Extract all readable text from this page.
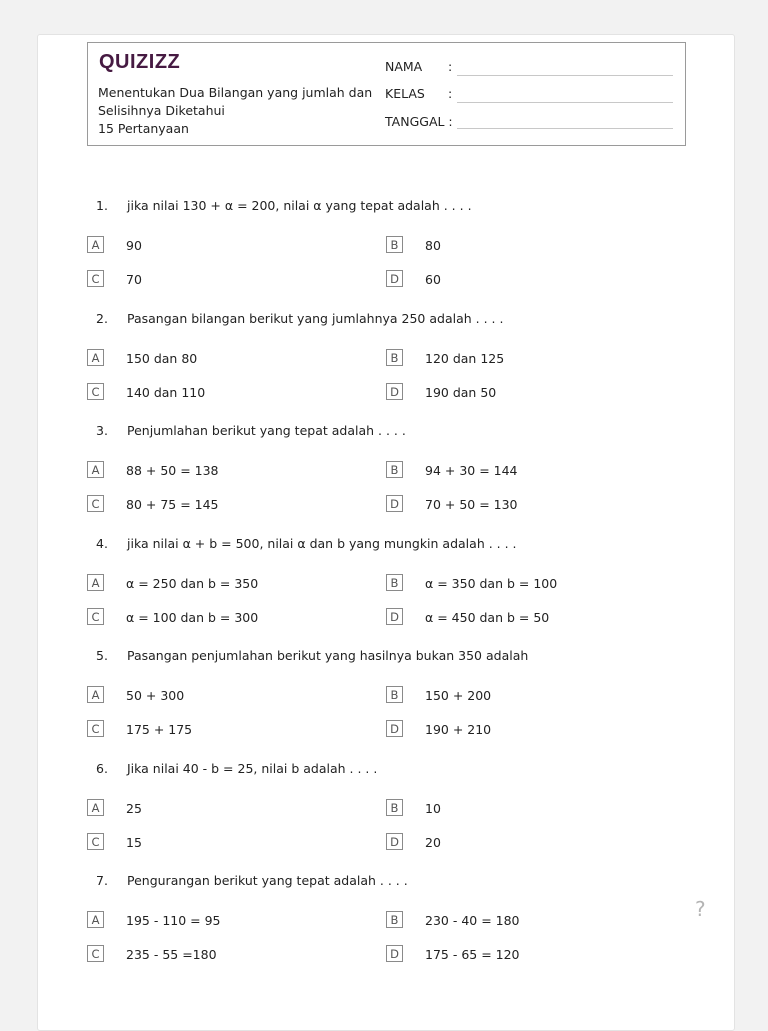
QUIZIZZ
Menentukan Dua Bilangan yang jumlah dan Selisihnya Diketahui
15 Pertanyaan
NAMA :
KELAS :
TANGGAL :
1.	jika nilai 130 + α = 200, nilai α yang tepat adalah . . . .
A	90	B	80
C	70	D	60
2.	Pasangan bilangan berikut yang jumlahnya 250 adalah . . . .
A	150 dan 80	B	120 dan 125
C	140 dan 110	D	190 dan 50
3.	Penjumlahan berikut yang tepat adalah . . . .
A	88 + 50 = 138	B	94 + 30 = 144
C	80 + 75 = 145	D	70 + 50 = 130
4.	jika nilai α + b = 500, nilai α dan b yang mungkin adalah . . . .
A	α = 250 dan b = 350	B	α = 350 dan b = 100
C	α = 100 dan b = 300	D	α = 450 dan b = 50
5.	Pasangan penjumlahan berikut yang hasilnya bukan 350 adalah
A	50 + 300	B	150 + 200
C	175 + 175	D	190 + 210
6.	Jika nilai 40 - b = 25, nilai b adalah . . . .
A	25	B	10
C	15	D	20
7.	Pengurangan berikut yang tepat adalah . . . .
A	195 - 110 = 95	B	230 - 40 = 180
C	235 - 55 =180	D	175 - 65 = 120
?
